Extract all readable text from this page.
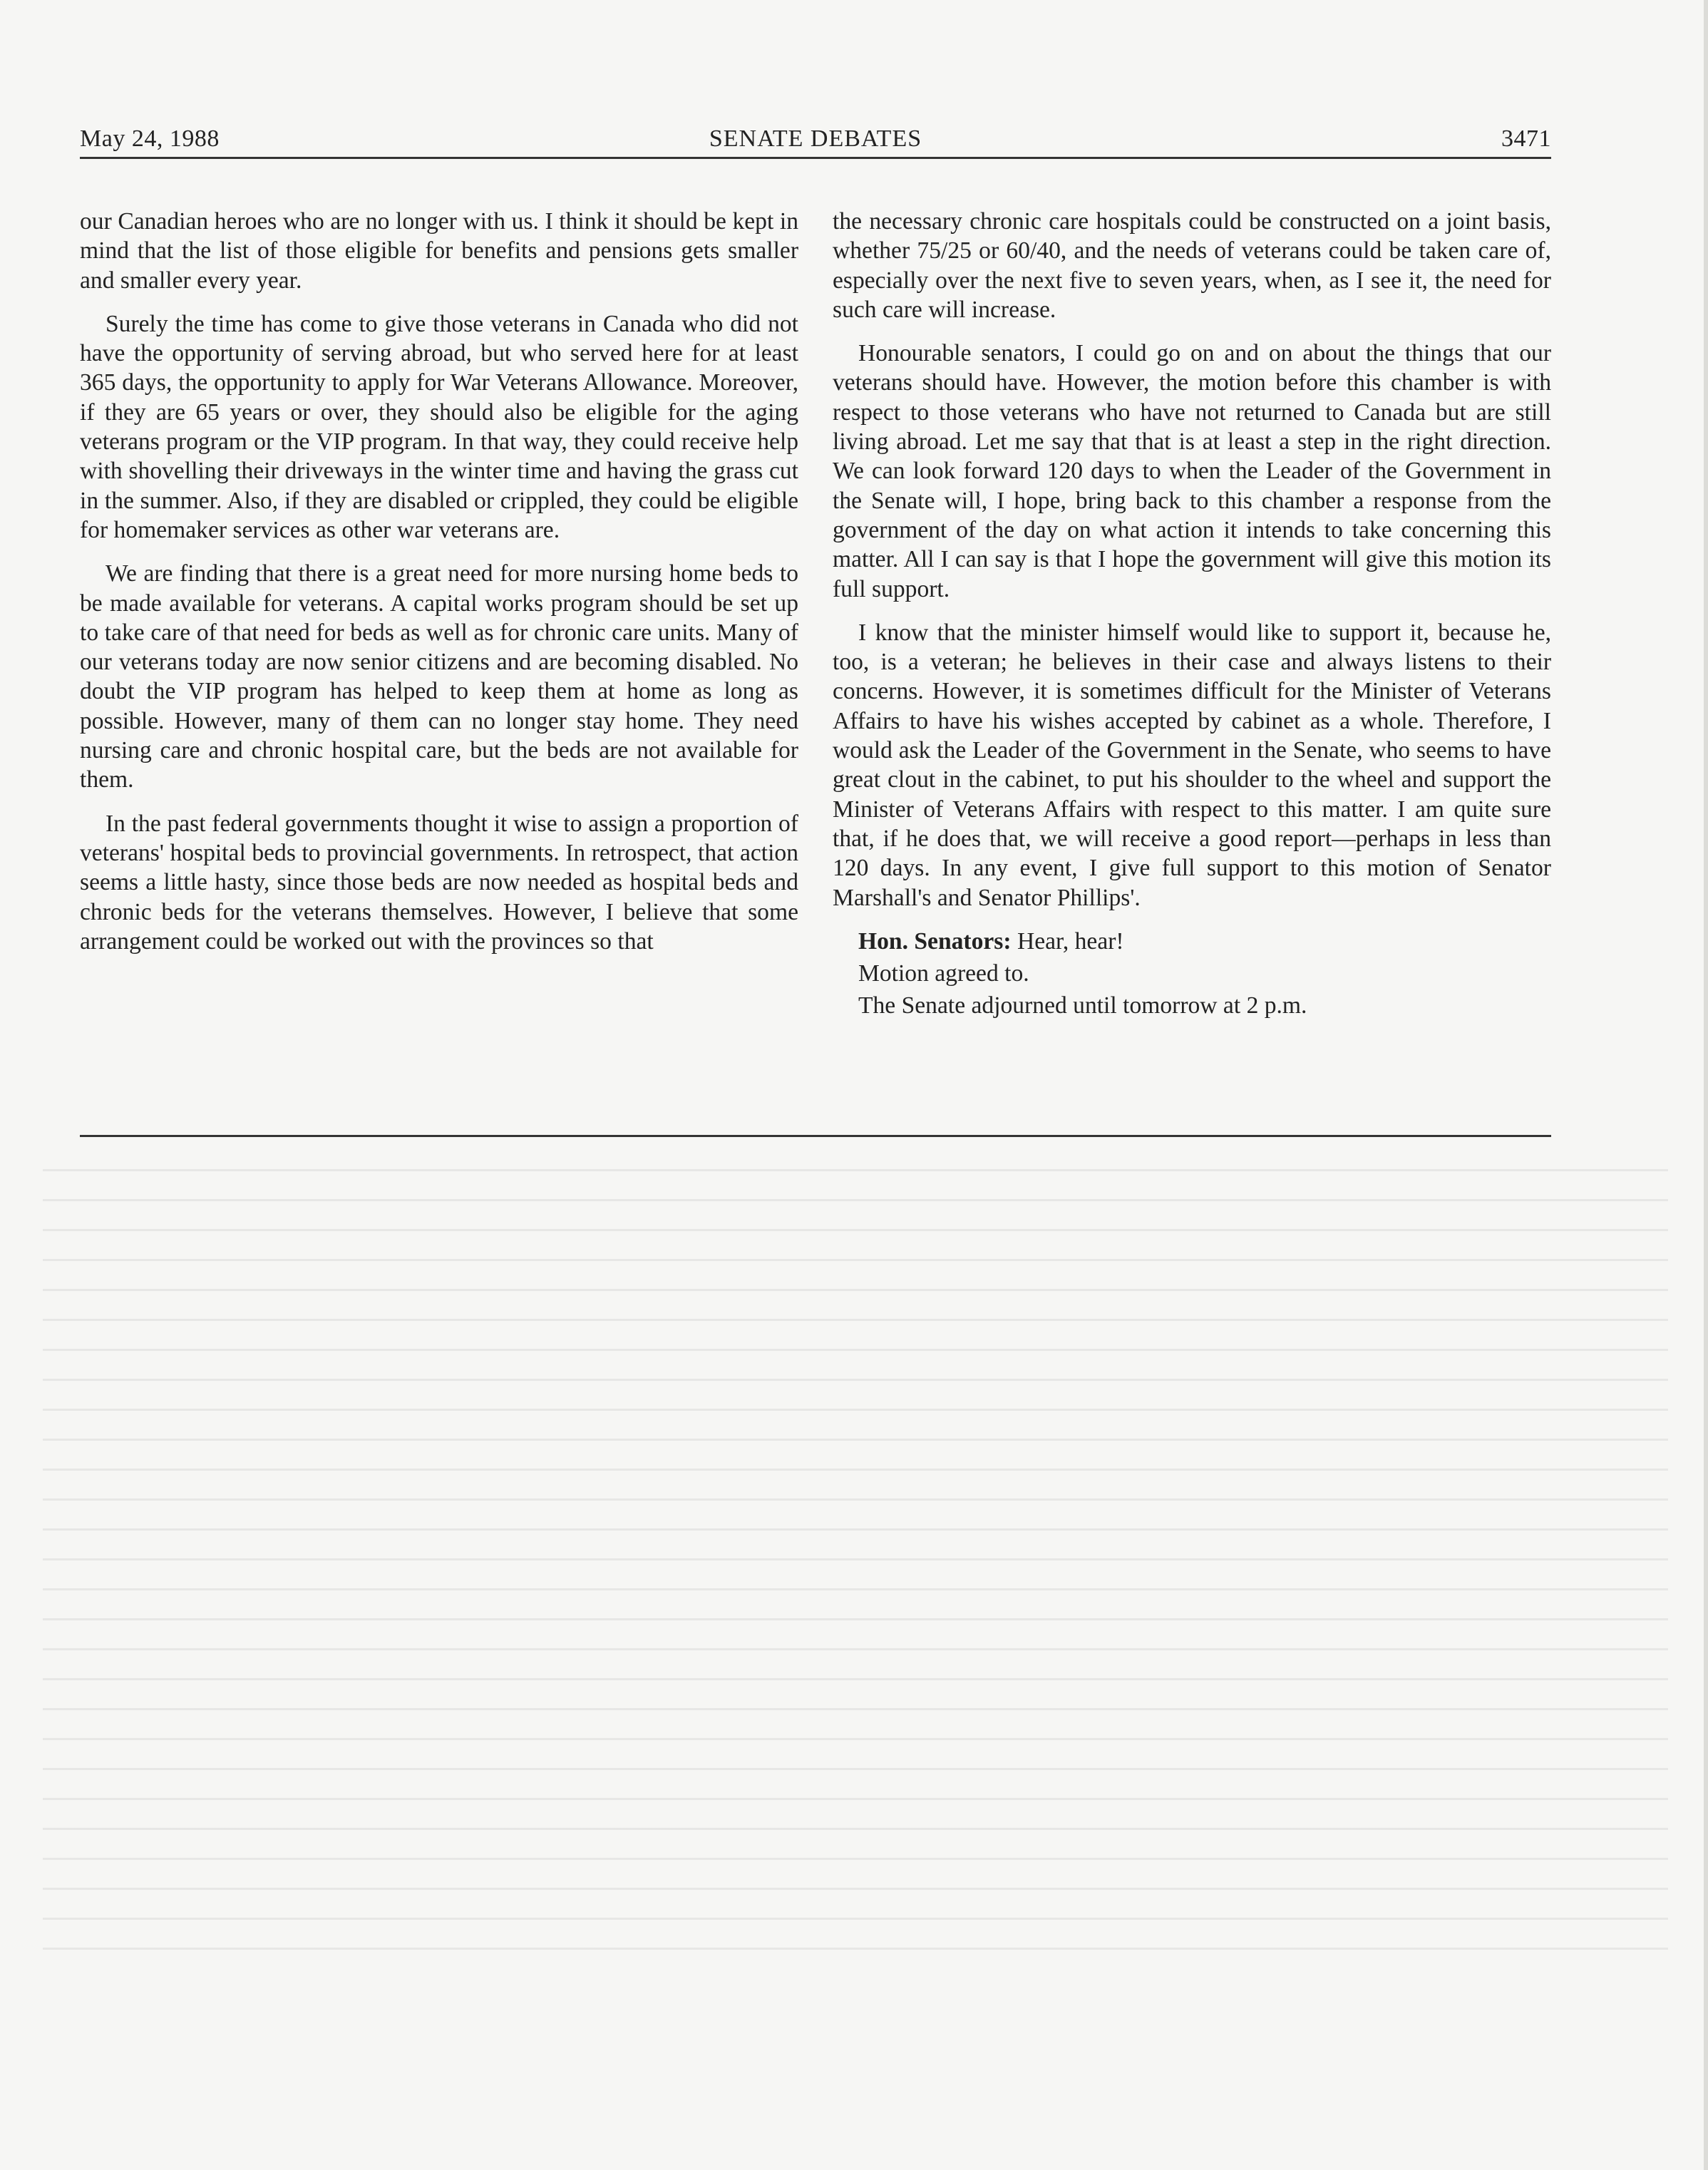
May 24, 1988	SENATE DEBATES	3471

our Canadian heroes who are no longer with us. I think it should be kept in mind that the list of those eligible for benefits and pensions gets smaller and smaller every year.

Surely the time has come to give those veterans in Canada who did not have the opportunity of serving abroad, but who served here for at least 365 days, the opportunity to apply for War Veterans Allowance. Moreover, if they are 65 years or over, they should also be eligible for the aging veterans program or the VIP program. In that way, they could receive help with shovelling their driveways in the winter time and having the grass cut in the summer. Also, if they are disabled or crippled, they could be eligible for homemaker services as other war veterans are.

We are finding that there is a great need for more nursing home beds to be made available for veterans. A capital works program should be set up to take care of that need for beds as well as for chronic care units. Many of our veterans today are now senior citizens and are becoming disabled. No doubt the VIP program has helped to keep them at home as long as possible. However, many of them can no longer stay home. They need nursing care and chronic hospital care, but the beds are not available for them.

In the past federal governments thought it wise to assign a proportion of veterans' hospital beds to provincial governments. In retrospect, that action seems a little hasty, since those beds are now needed as hospital beds and chronic beds for the veterans themselves. However, I believe that some arrangement could be worked out with the provinces so that

the necessary chronic care hospitals could be constructed on a joint basis, whether 75/25 or 60/40, and the needs of veterans could be taken care of, especially over the next five to seven years, when, as I see it, the need for such care will increase.

Honourable senators, I could go on and on about the things that our veterans should have. However, the motion before this chamber is with respect to those veterans who have not returned to Canada but are still living abroad. Let me say that that is at least a step in the right direction. We can look forward 120 days to when the Leader of the Government in the Senate will, I hope, bring back to this chamber a response from the government of the day on what action it intends to take concerning this matter. All I can say is that I hope the government will give this motion its full support.

I know that the minister himself would like to support it, because he, too, is a veteran; he believes in their case and always listens to their concerns. However, it is sometimes difficult for the Minister of Veterans Affairs to have his wishes accepted by cabinet as a whole. Therefore, I would ask the Leader of the Government in the Senate, who seems to have great clout in the cabinet, to put his shoulder to the wheel and support the Minister of Veterans Affairs with respect to this matter. I am quite sure that, if he does that, we will receive a good report—perhaps in less than 120 days. In any event, I give full support to this motion of Senator Marshall's and Senator Phillips'.

Hon. Senators: Hear, hear!

Motion agreed to.

The Senate adjourned until tomorrow at 2 p.m.
